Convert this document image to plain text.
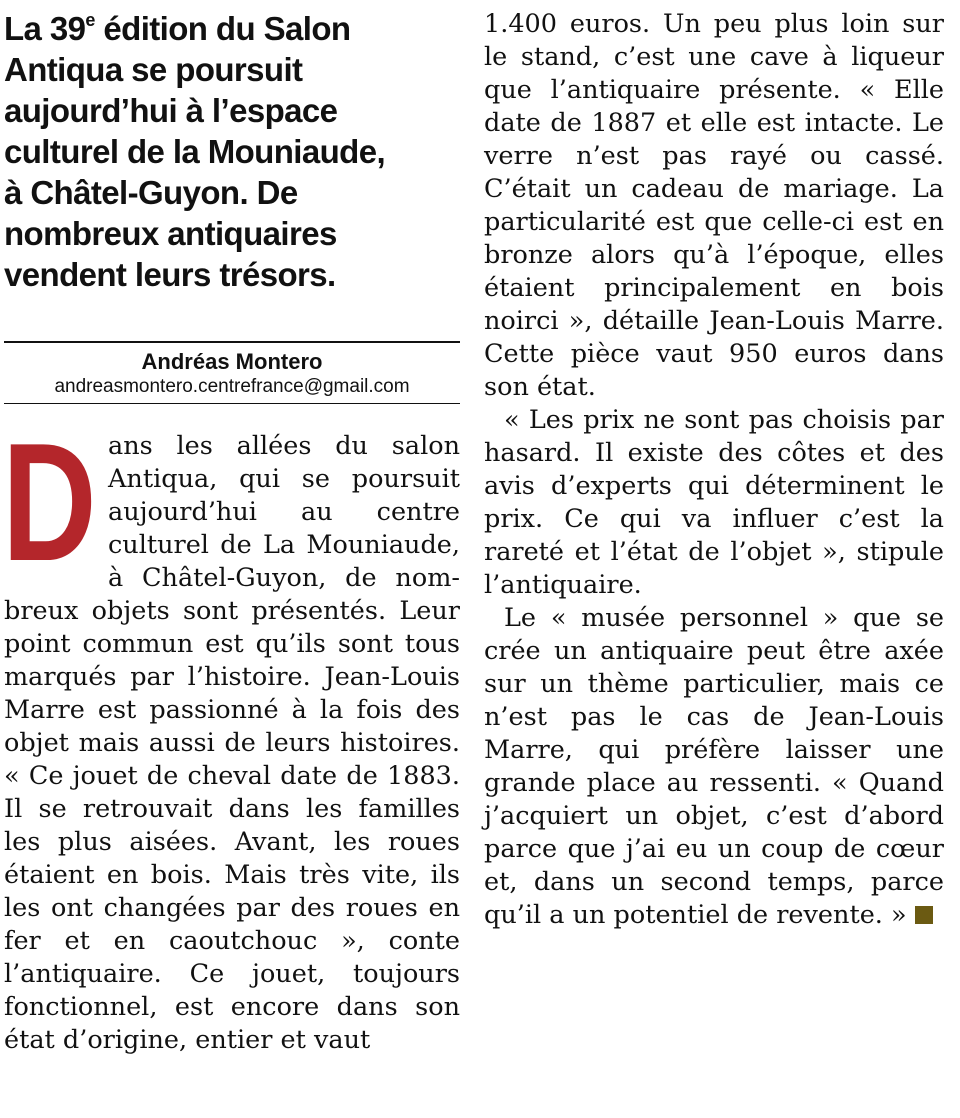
La 39e édition du Salon
Antiqua se poursuit
aujourd’hui à l’espace
culturel de la Mouniaude,
à Châtel-Guyon. De
nombreux antiquaires
vendent leurs trésors.

Andréas Montero
andreasmontero.centrefrance@gmail.com
D ans les allées du salon Antiqua, qui se poursuit aujourd’hui au centre culturel de La Mouniaude, à Châtel-Guyon, de nombreux objets sont présentés. Leur point commun est qu’ils sont tous marqués par l’histoire. Jean-Louis Marre est passionné à la fois des objet mais aussi de leurs histoires. « Ce jouet de cheval date de 1883. Il se retrouvait dans les familles les plus aisées. Avant, les roues étaient en bois. Mais très vite, ils les ont changées par des roues en fer et en caoutchouc », conte l’antiquaire. Ce jouet, toujours fonctionnel, est encore dans son état d’origine, entier et vaut

1.400 euros. Un peu plus loin sur le stand, c’est une cave à liqueur que l’antiquaire présente. « Elle date de 1887 et elle est intacte. Le verre n’est pas rayé ou cassé. C’était un cadeau de mariage. La particularité est que celle-ci est en bronze alors qu’à l’époque, elles étaient principalement en bois noirci », détaille Jean-Louis Marre. Cette pièce vaut 950 euros dans son état.

« Les prix ne sont pas choisis par hasard. Il existe des côtes et des avis d’experts qui déterminent le prix. Ce qui va influer c’est la rareté et l’état de l’objet », stipule l’antiquaire.

Le « musée personnel » que se crée un antiquaire peut être axée sur un thème particulier, mais ce n’est pas le cas de Jean-Louis Marre, qui préfère laisser une grande place au ressenti. « Quand j’acquiert un objet, c’est d’abord parce que j’ai eu un coup de cœur et, dans un second temps, parce qu’il a un potentiel de revente. »
